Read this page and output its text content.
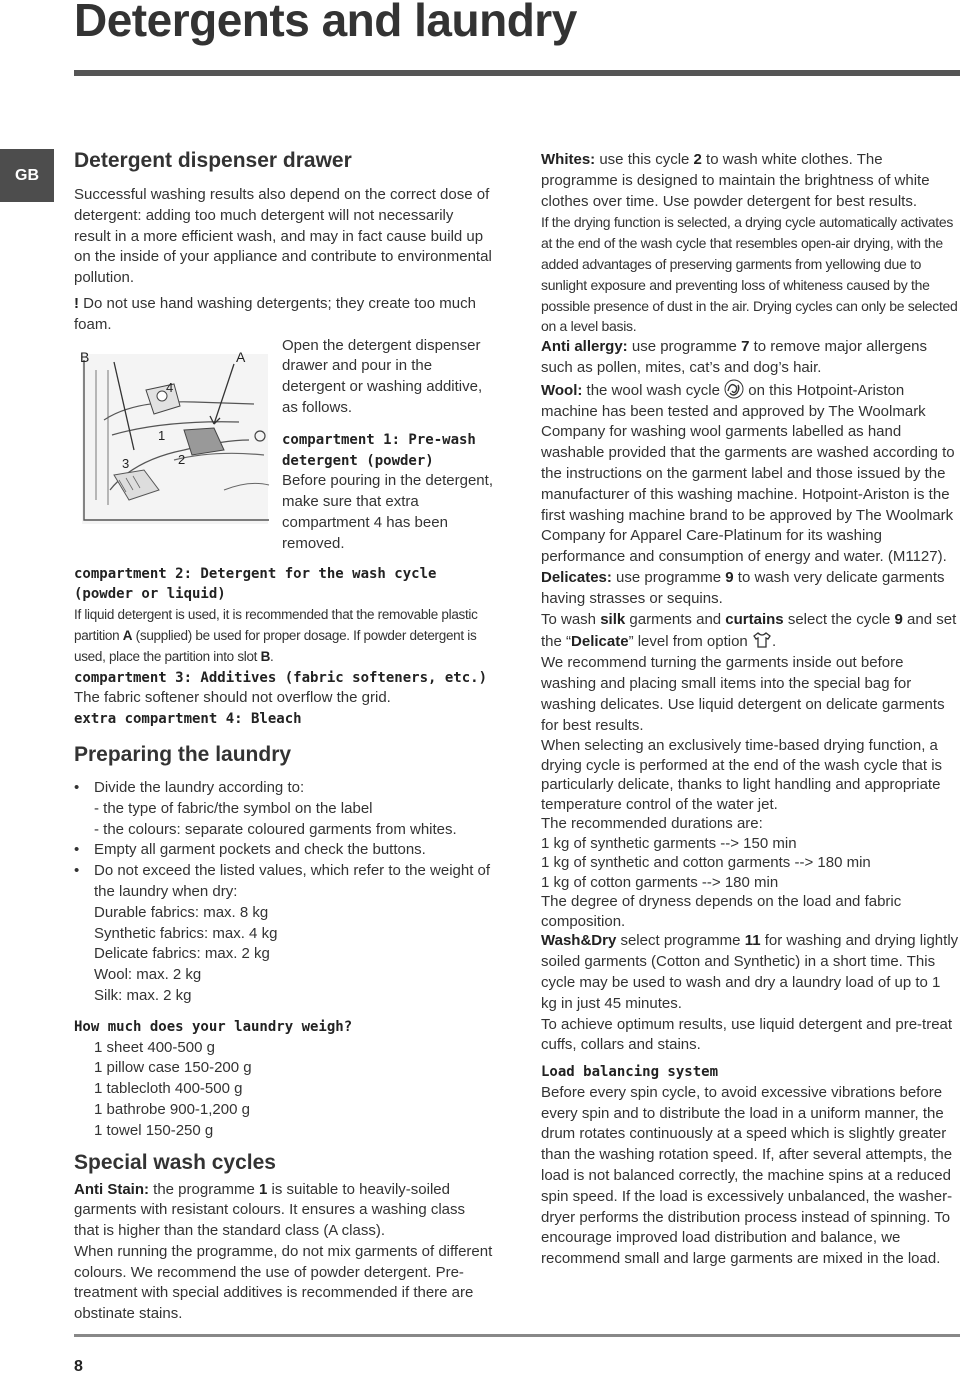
Detergents and laundry
GB
Detergent dispenser drawer

Successful washing results also depend on the correct dose of detergent: adding too much detergent will not necessarily result in a more efficient wash, and may in fact cause build up on the inside of your appliance and contribute to environmental pollution.

! Do not use hand washing detergents; they create too much foam.

B	A
4
1
2
3

Open the detergent dispenser drawer and pour in the detergent or washing additive, as follows.

compartment 1: Pre-wash detergent (powder)

Before pouring in the detergent, make sure that extra compartment 4 has been removed.

compartment 2: Detergent for the wash cycle (powder or liquid)

If liquid detergent is used, it is recommended that the removable plastic partition A (supplied) be used for proper dosage. If powder detergent is used, place the partition into slot B.

compartment 3: Additives (fabric softeners, etc.)

The fabric softener should not overflow the grid.

extra compartment 4: Bleach

Preparing the laundry
• Divide the laundry according to:
- the type of fabric/the symbol on the label
- the colours: separate coloured garments from whites.
• Empty all garment pockets and check the buttons.
• Do not exceed the listed values, which refer to the weight of the laundry when dry:
Durable fabrics: max. 8 kg
Synthetic fabrics: max. 4 kg
Delicate fabrics: max. 2 kg
Wool: max. 2 kg
Silk: max. 2 kg

How much does your laundry weigh?

1 sheet 400-500 g
1 pillow case 150-200 g
1 tablecloth 400-500 g
1 bathrobe 900-1,200 g
1 towel 150-250 g
Special wash cycles

Anti Stain: the programme 1 is suitable to heavily-soiled garments with resistant colours. It ensures a washing class that is higher than the standard class (A class).

When running the programme, do not mix garments of different colours. We recommend the use of powder detergent. Pre-treatment with special additives is recommended if there are obstinate stains.

Whites: use this cycle 2 to wash white clothes. The programme is designed to maintain the brightness of white clothes over time. Use powder detergent for best results.

If the drying function is selected, a drying cycle automatically activates at the end of the wash cycle that resembles open-air drying, with the added advantages of preserving garments from yellowing due to sunlight exposure and preventing loss of whiteness caused by the possible presence of dust in the air. Drying cycles can only be selected on a level basis.

Anti allergy: use programme 7 to remove major allergens such as pollen, mites, cat’s and dog’s hair.

Wool: the wool wash cycle  on this Hotpoint-Ariston machine has been tested and approved by The Woolmark Company for washing wool garments labelled as hand washable provided that the garments are washed according to the instructions on the garment label and those issued by the manufacturer of this washing machine. Hotpoint-Ariston is the first washing machine brand to be approved by The Woolmark Company for Apparel Care-Platinum for its washing performance and consumption of energy and water. (M1127).

Delicates: use programme 9 to wash very delicate garments having strasses or sequins.

To wash silk garments and curtains select the cycle 9 and set the “Delicate” level from option .

We recommend turning the garments inside out before washing and placing small items into the special bag for washing delicates. Use liquid detergent on delicate garments for best results.

When selecting an exclusively time-based drying function, a drying cycle is performed at the end of the wash cycle that is particularly delicate, thanks to light handling and appropriate temperature control of the water jet.

The recommended durations are:

1 kg of synthetic garments --> 150 min
1 kg of synthetic and cotton garments --> 180 min
1 kg of cotton garments --> 180 min

The degree of dryness depends on the load and fabric composition.

Wash&Dry select programme 11 for washing and drying lightly soiled garments (Cotton and Synthetic) in a short time. This cycle may be used to wash and dry a laundry load of up to 1 kg in just 45 minutes.

To achieve optimum results, use liquid detergent and pre-treat cuffs, collars and stains.

Load balancing system

Before every spin cycle, to avoid excessive vibrations before every spin and to distribute the load in a uniform manner, the drum rotates continuously at a speed which is slightly greater than the washing rotation speed. If, after several attempts, the load is not balanced correctly, the machine spins at a reduced spin speed. If the load is excessively unbalanced, the washer-dryer performs the distribution process instead of spinning. To encourage improved load distribution and balance, we recommend small and large garments are mixed in the load.

8
